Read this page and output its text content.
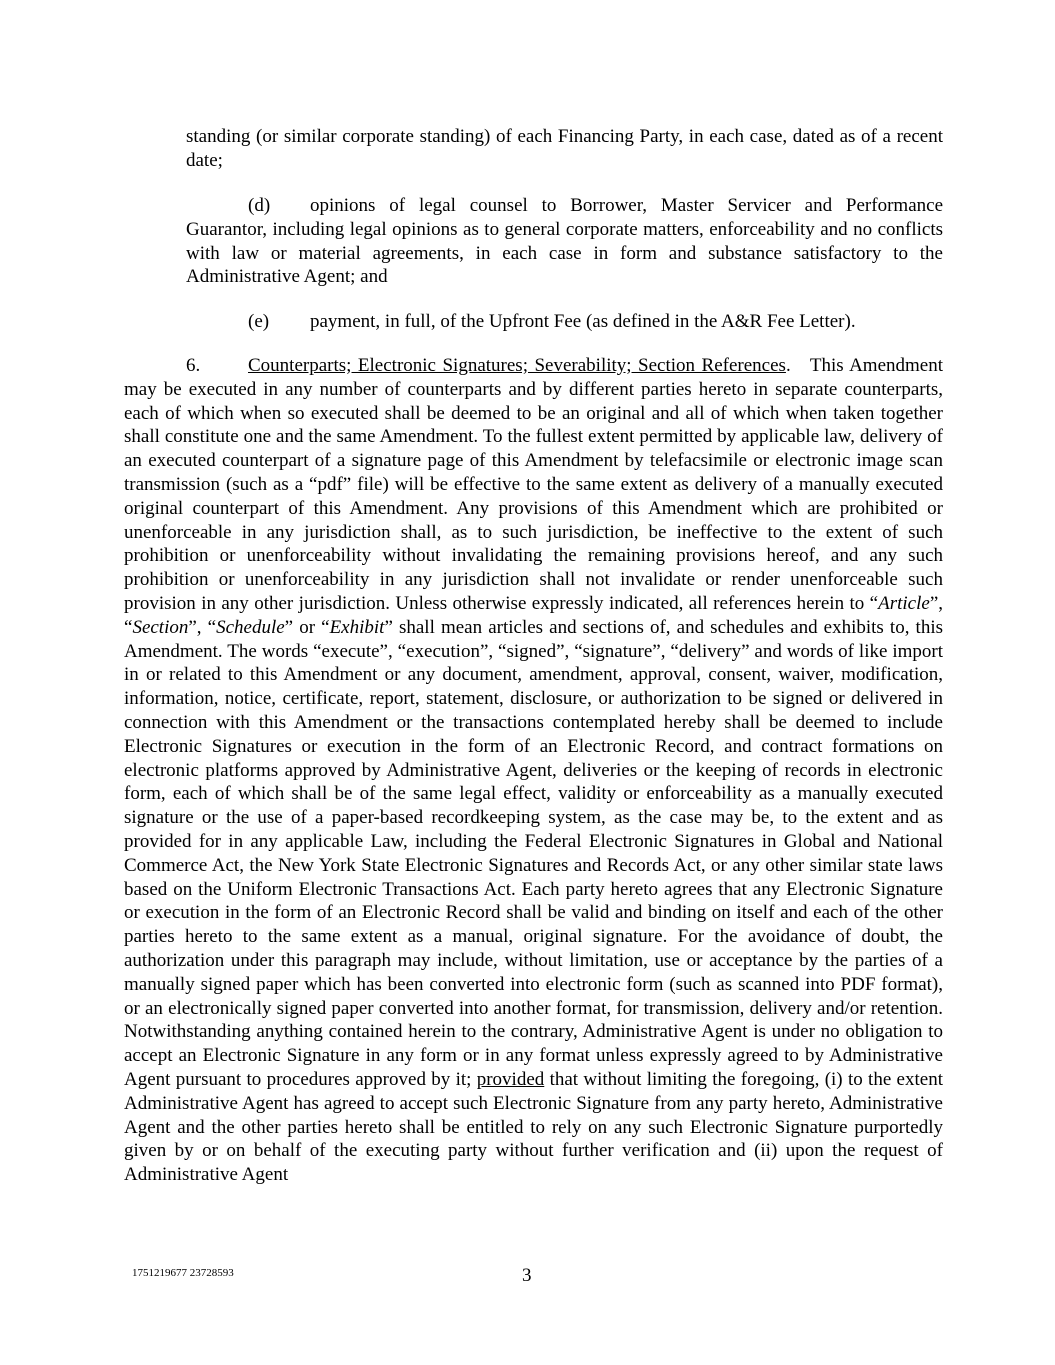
standing (or similar corporate standing) of each Financing Party, in each case, dated as of a recent date;

(d) opinions of legal counsel to Borrower, Master Servicer and Performance Guarantor, including legal opinions as to general corporate matters, enforceability and no conflicts with law or material agreements, in each case in form and substance satisfactory to the Administrative Agent; and

(e) payment, in full, of the Upfront Fee (as defined in the A&R Fee Letter).

6.	Counterparts; Electronic Signatures; Severability; Section References. This Amendment may be executed in any number of counterparts and by different parties hereto in separate counterparts, each of which when so executed shall be deemed to be an original and all of which when taken together shall constitute one and the same Amendment. To the fullest extent permitted by applicable law, delivery of an executed counterpart of a signature page of this Amendment by telefacsimile or electronic image scan transmission (such as a “pdf” file) will be effective to the same extent as delivery of a manually executed original counterpart of this Amendment. Any provisions of this Amendment which are prohibited or unenforceable in any jurisdiction shall, as to such jurisdiction, be ineffective to the extent of such prohibition or unenforceability without invalidating the remaining provisions hereof, and any such prohibition or unenforceability in any jurisdiction shall not invalidate or render unenforceable such provision in any other jurisdiction. Unless otherwise expressly indicated, all references herein to “Article”, “Section”, “Schedule” or “Exhibit” shall mean articles and sections of, and schedules and exhibits to, this Amendment. The words “execute”, “execution”, “signed”, “signature”, “delivery” and words of like import in or related to this Amendment or any document, amendment, approval, consent, waiver, modification, information, notice, certificate, report, statement, disclosure, or authorization to be signed or delivered in connection with this Amendment or the transactions contemplated hereby shall be deemed to include Electronic Signatures or execution in the form of an Electronic Record, and contract formations on electronic platforms approved by Administrative Agent, deliveries or the keeping of records in electronic form, each of which shall be of the same legal effect, validity or enforceability as a manually executed signature or the use of a paper-based recordkeeping system, as the case may be, to the extent and as provided for in any applicable Law, including the Federal Electronic Signatures in Global and National Commerce Act, the New York State Electronic Signatures and Records Act, or any other similar state laws based on the Uniform Electronic Transactions Act. Each party hereto agrees that any Electronic Signature or execution in the form of an Electronic Record shall be valid and binding on itself and each of the other parties hereto to the same extent as a manual, original signature. For the avoidance of doubt, the authorization under this paragraph may include, without limitation, use or acceptance by the parties of a manually signed paper which has been converted into electronic form (such as scanned into PDF format), or an electronically signed paper converted into another format, for transmission, delivery and/or retention. Notwithstanding anything contained herein to the contrary, Administrative Agent is under no obligation to accept an Electronic Signature in any form or in any format unless expressly agreed to by Administrative Agent pursuant to procedures approved by it; provided that without limiting the foregoing, (i) to the extent Administrative Agent has agreed to accept such Electronic Signature from any party hereto, Administrative Agent and the other parties hereto shall be entitled to rely on any such Electronic Signature purportedly given by or on behalf of the executing party without further verification and (ii) upon the request of Administrative Agent

1751219677 23728593	3
